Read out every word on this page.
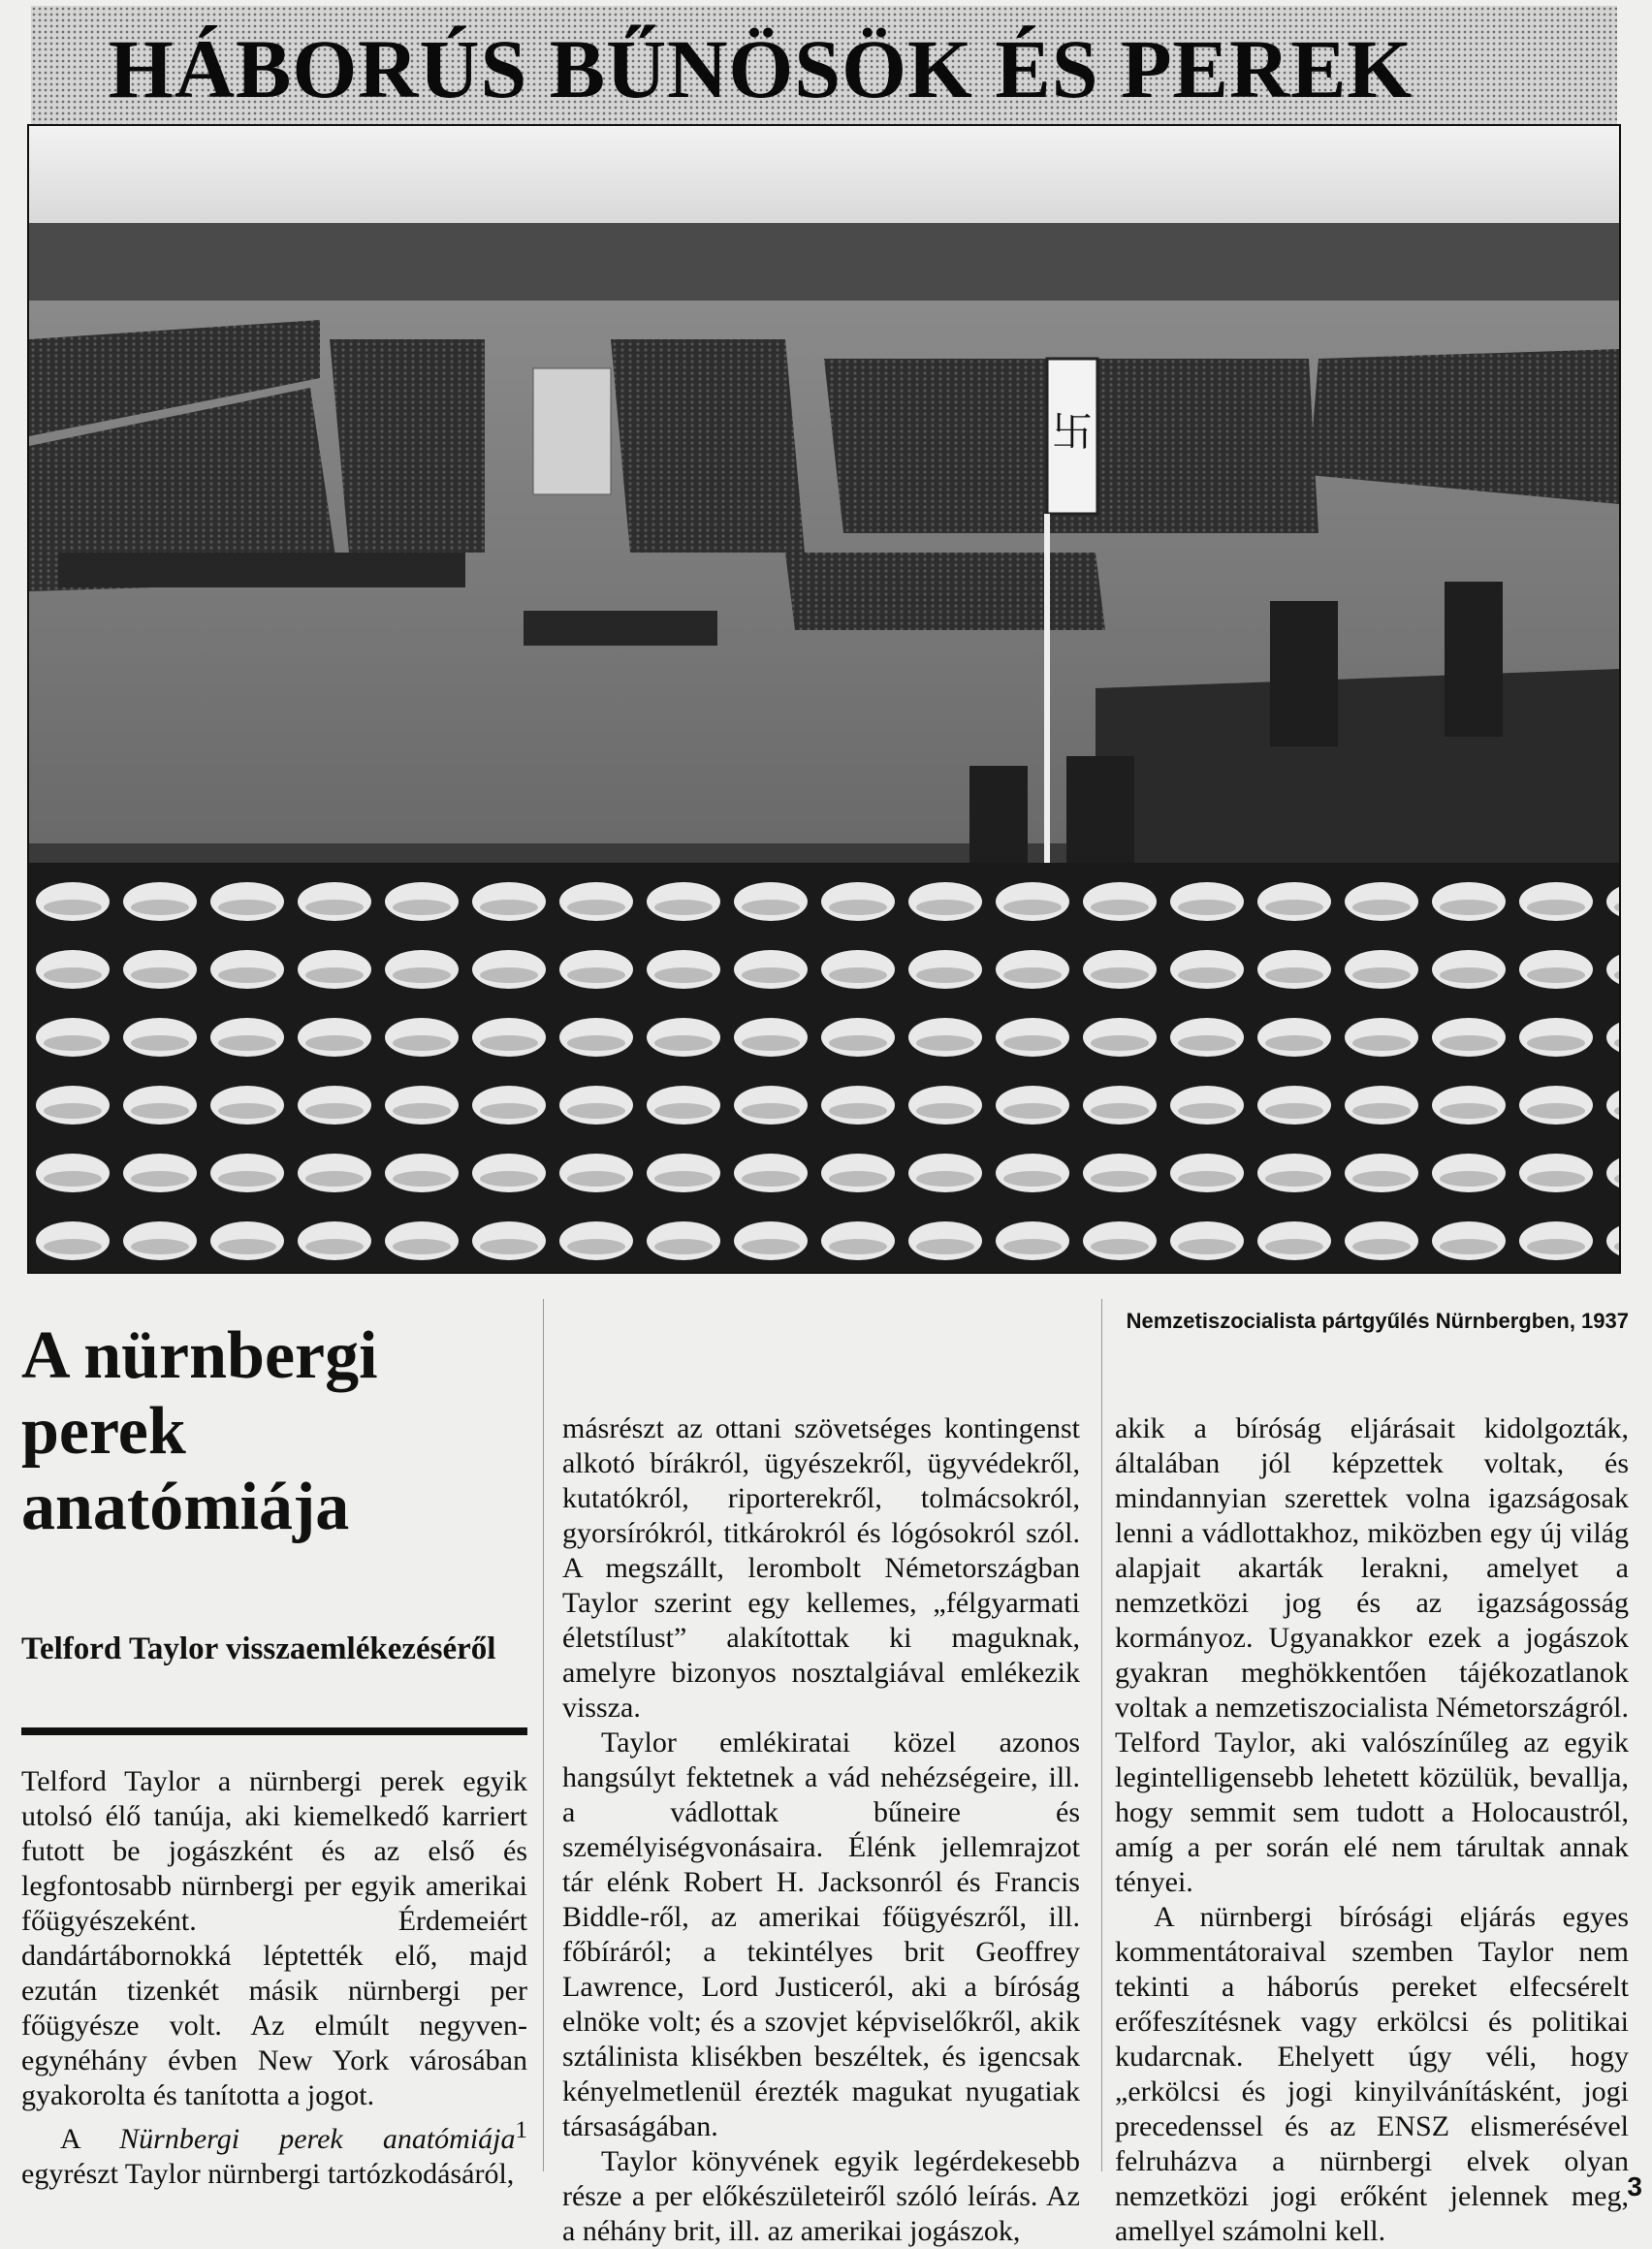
HÁBORÚS BŰNÖSÖK ÉS PEREK
卐
Nemzetiszocialista pártgyűlés Nürnbergben, 1937
A nürnbergi perek anatómiája
Telford Taylor visszaemlékezéséről

Telford Taylor a nürnbergi perek egyik utolsó élő tanúja, aki kiemelkedő karriert futott be jogászként és az első és legfontosabb nürnbergi per egyik amerikai főügyészeként. Érdemeiért dandártábornokká léptették elő, majd ezután tizenkét másik nürnbergi per főügyésze volt. Az elmúlt negyven-egynéhány évben New York városában gyakorolta és tanította a jogot.

A Nürnbergi perek anatómiája$^1$ egyrészt Taylor nürnbergi tartózkodásáról,

másrészt az ottani szövetséges kontingenst alkotó bírákról, ügyészekről, ügyvédekről, kutatókról, riporterekről, tolmácsokról, gyorsírókról, titkárokról és lógósokról szól. A megszállt, lerombolt Németországban Taylor szerint egy kellemes, „félgyarmati életstílust” alakítottak ki maguknak, amelyre bizonyos nosztalgiával emlékezik vissza.

Taylor emlékiratai közel azonos hangsúlyt fektetnek a vád nehézségeire, ill. a vádlottak bűneire és személyiségvonásaira. Élénk jellemrajzot tár elénk Robert H. Jacksonról és Francis Biddle-ről, az amerikai főügyészről, ill. főbíráról; a tekintélyes brit Geoffrey Lawrence, Lord Justiceról, aki a bíróság elnöke volt; és a szovjet képviselőkről, akik sztálinista klisékben beszéltek, és igencsak kényelmetlenül érezték magukat nyugatiak társaságában.

Taylor könyvének egyik legérdekesebb része a per előkészületeiről szóló leírás. Az a néhány brit, ill. az amerikai jogászok,

akik a bíróság eljárásait kidolgozták, általában jól képzettek voltak, és mindannyian szerettek volna igazságosak lenni a vádlottakhoz, miközben egy új világ alapjait akarták lerakni, amelyet a nemzetközi jog és az igazságosság kormányoz. Ugyanakkor ezek a jogászok gyakran meghökkentően tájékozatlanok voltak a nemzetiszocialista Németországról. Telford Taylor, aki valószínűleg az egyik legintelligensebb lehetett közülük, bevallja, hogy semmit sem tudott a Holocaustról, amíg a per során elé nem tárultak annak tényei.

A nürnbergi bírósági eljárás egyes kommentátoraival szemben Taylor nem tekinti a háborús pereket elfecsérelt erőfeszítésnek vagy erkölcsi és politikai kudarcnak. Ehelyett úgy véli, hogy „erkölcsi és jogi kinyilvánításként, jogi precedenssel és az ENSZ elismerésével felruházva a nürnbergi elvek olyan nemzetközi jogi erőként jelennek meg, amellyel számolni kell.

3
